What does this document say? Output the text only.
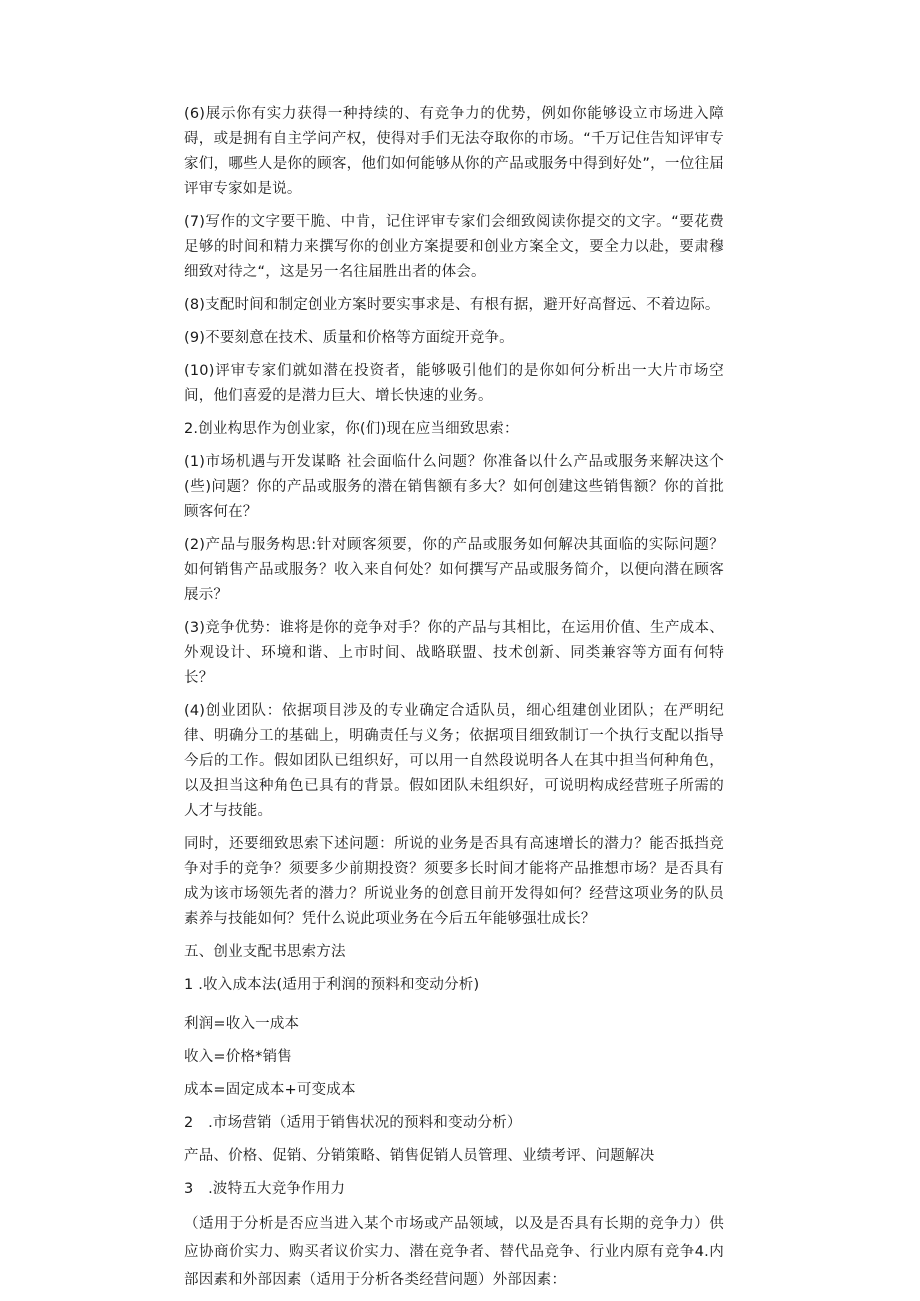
(6)展示你有实力获得一种持续的、有竞争力的优势，例如你能够设立市场进入障碍，或是拥有自主学问产权，使得对手们无法夺取你的市场。“千万记住告知评审专家们，哪些人是你的顾客，他们如何能够从你的产品或服务中得到好处”，一位往届评审专家如是说。

(7)写作的文字要干脆、中肯，记住评审专家们会细致阅读你提交的文字。“要花费足够的时间和精力来撰写你的创业方案提要和创业方案全文，要全力以赴，要肃穆细致对待之“，这是另一名往届胜出者的体会。

(8)支配时间和制定创业方案时要实事求是、有根有据，避开好高督远、不着边际。

(9)不要刻意在技术、质量和价格等方面绽开竞争。

(10)评审专家们就如潜在投资者，能够吸引他们的是你如何分析出一大片市场空间，他们喜爱的是潜力巨大、增长快速的业务。

2.创业构思作为创业家，你(们)现在应当细致思索：

(1)市场机遇与开发谋略 社会面临什么问题？你准备以什么产品或服务来解决这个(些)问题？你的产品或服务的潜在销售额有多大？如何创建这些销售额？你的首批顾客何在？

(2)产品与服务构思:针对顾客须要，你的产品或服务如何解决其面临的实际问题？如何销售产品或服务？收入来自何处？如何撰写产品或服务简介，以便向潜在顾客展示？

(3)竞争优势：谁将是你的竞争对手？你的产品与其相比，在运用价值、生产成本、外观设计、环境和谐、上市时间、战略联盟、技术创新、同类兼容等方面有何特长？

(4)创业团队：依据项目涉及的专业确定合适队员，细心组建创业团队；在严明纪律、明确分工的基础上，明确责任与义务；依据项目细致制订一个执行支配以指导今后的工作。假如团队已组织好，可以用一自然段说明各人在其中担当何种角色，以及担当这种角色已具有的背景。假如团队未组织好，可说明构成经营班子所需的人才与技能。

同时，还要细致思索下述问题：所说的业务是否具有高速增长的潜力？能否抵挡竞争对手的竞争？须要多少前期投资？须要多长时间才能将产品推想市场？是否具有成为该市场领先者的潜力？所说业务的创意目前开发得如何？经营这项业务的队员素养与技能如何？凭什么说此项业务在今后五年能够强壮成长？

五、创业支配书思索方法

1 .收入成本法(适用于利润的预料和变动分析)

利润=收入一成本

收入=价格*销售

成本=固定成本+可变成本

2　.市场营销（适用于销售状况的预料和变动分析）

产品、价格、促销、分销策略、销售促销人员管理、业绩考评、问题解决

3　.波特五大竞争作用力

（适用于分析是否应当进入某个市场或产品领域，以及是否具有长期的竞争力）供应协商价实力、购买者议价实力、潜在竞争者、替代品竞争、行业内原有竞争4.内部因素和外部因素（适用于分析各类经营问题）外部因素：
